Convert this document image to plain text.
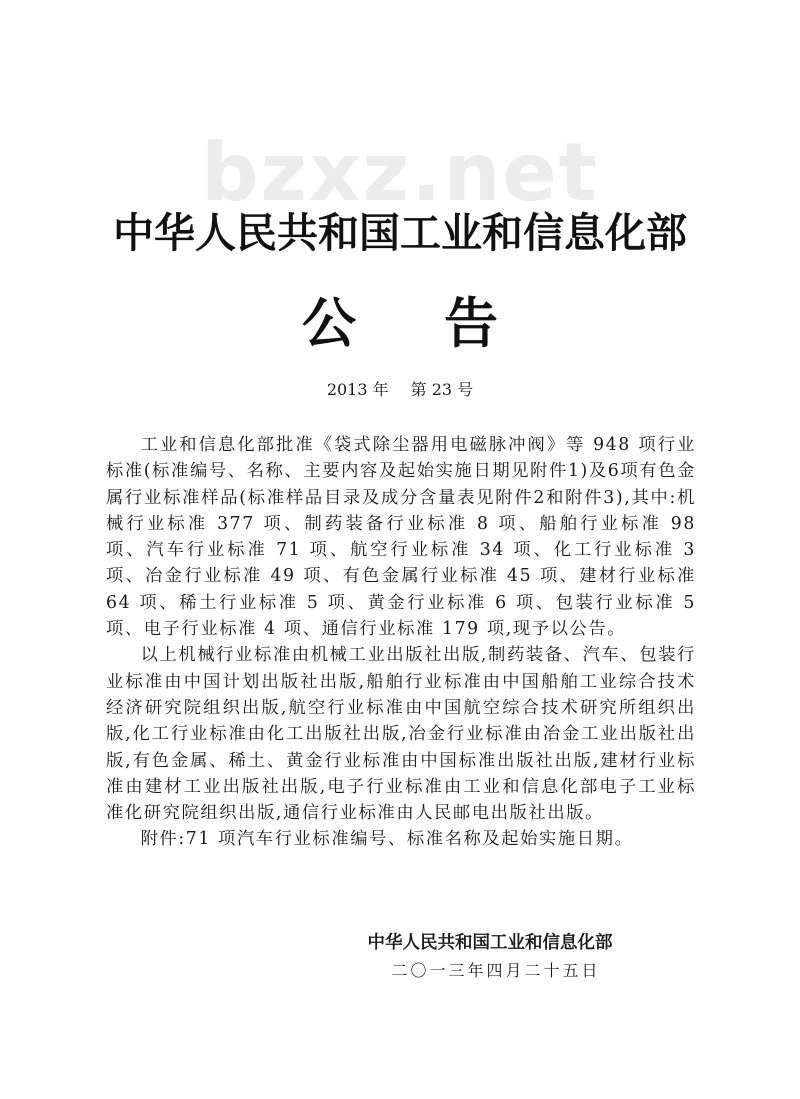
bzxz.net
中华人民共和国工业和信息化部
公 告
2013 年 第 23 号

工业和信息化部批准《袋式除尘器用电磁脉冲阀》等 948 项行业标准(标准编号、名称、主要内容及起始实施日期见附件1)及6项有色金属行业标准样品(标准样品目录及成分含量表见附件2和附件3),其中:机械行业标准 377 项、制药装备行业标准 8 项、船舶行业标准 98 项、汽车行业标准 71 项、航空行业标准 34 项、化工行业标准 3 项、冶金行业标准 49 项、有色金属行业标准 45 项、建材行业标准 64 项、稀土行业标准 5 项、黄金行业标准 6 项、包装行业标准 5 项、电子行业标准 4 项、通信行业标准 179 项,现予以公告。

以上机械行业标准由机械工业出版社出版,制药装备、汽车、包装行业标准由中国计划出版社出版,船舶行业标准由中国船舶工业综合技术经济研究院组织出版,航空行业标准由中国航空综合技术研究所组织出版,化工行业标准由化工出版社出版,冶金行业标准由冶金工业出版社出版,有色金属、稀土、黄金行业标准由中国标准出版社出版,建材行业标准由建材工业出版社出版,电子行业标准由工业和信息化部电子工业标准化研究院组织出版,通信行业标准由人民邮电出版社出版。

附件:71 项汽车行业标准编号、标准名称及起始实施日期。

中华人民共和国工业和信息化部
二〇一三年四月二十五日
